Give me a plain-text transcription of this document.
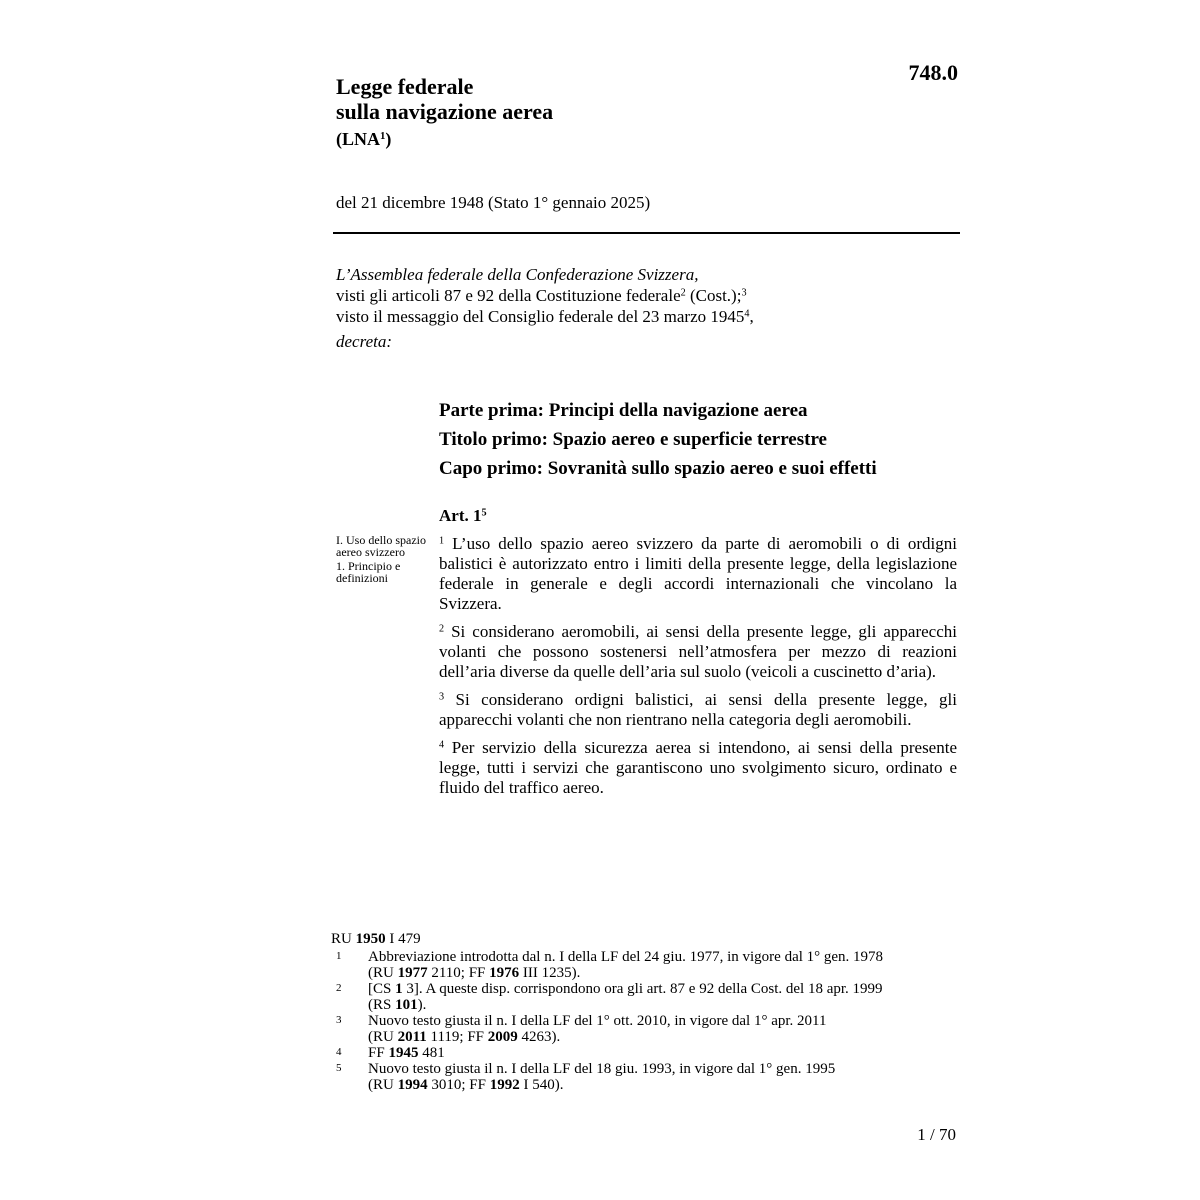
748.0
Legge federale
sulla navigazione aerea
(LNA$^1$)
del 21 dicembre 1948 (Stato 1° gennaio 2025)
L’Assemblea federale della Confederazione Svizzera,
visti gli articoli 87 e 92 della Costituzione federale$^2$ (Cost.);$^3$
visto il messaggio del Consiglio federale del 23 marzo 1945$^4$,
decreta:
Parte prima: Principi della navigazione aerea
Titolo primo: Spazio aereo e superficie terrestre
Capo primo: Sovranità sullo spazio aereo e suoi effetti
Art. $1^5$
I. Uso dello spazio aereo svizzero
1. Principio e definizioni

$^1$ L’uso dello spazio aereo svizzero da parte di aeromobili o di ordigni balistici è autorizzato entro i limiti della presente legge, della legislazione federale in generale e degli accordi internazionali che vincolano la Svizzera.

$^2$ Si considerano aeromobili, ai sensi della presente legge, gli apparecchi volanti che possono sostenersi nell’atmosfera per mezzo di reazioni dell’aria diverse da quelle dell’aria sul suolo (veicoli a cuscinetto d’aria).

$^3$ Si considerano ordigni balistici, ai sensi della presente legge, gli apparecchi volanti che non rientrano nella categoria degli aeromobili.

$^4$ Per servizio della sicurezza aerea si intendono, ai sensi della presente legge, tutti i servizi che garantiscono uno svolgimento sicuro, ordinato e fluido del traffico aereo.

RU 1950 I 479
1 Abbreviazione introdotta dal n. I della LF del 24 giu. 1977, in vigore dal 1° gen. 1978
(RU 1977 2110; FF 1976 III 1235).
2 [CS 1 3]. A queste disp. corrispondono ora gli art. 87 e 92 della Cost. del 18 apr. 1999
(RS 101).
3 Nuovo testo giusta il n. I della LF del 1° ott. 2010, in vigore dal 1° apr. 2011
(RU 2011 1119; FF 2009 4263).
4 FF 1945 481
5 Nuovo testo giusta il n. I della LF del 18 giu. 1993, in vigore dal 1° gen. 1995
(RU 1994 3010; FF 1992 I 540).
1 / 70
